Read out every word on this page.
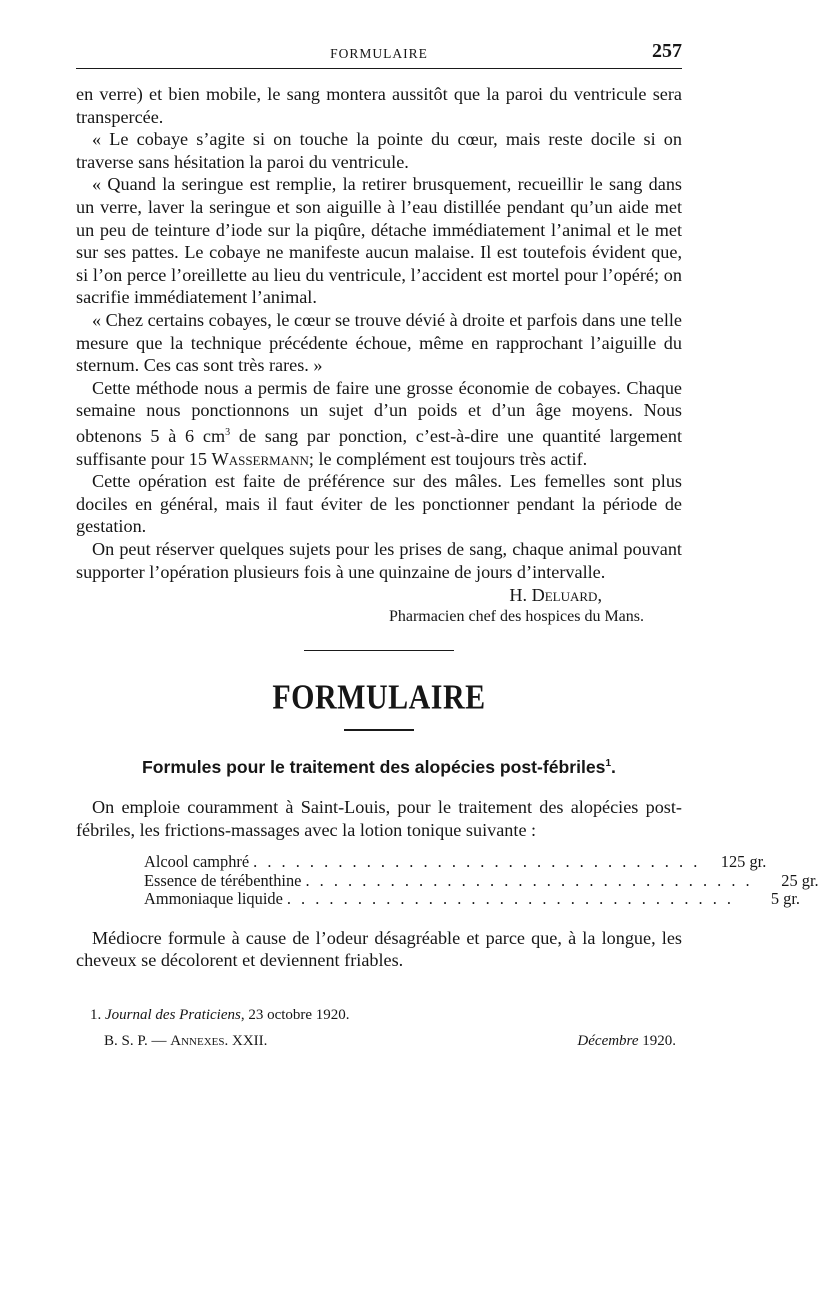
FORMULAIRE	257

en verre) et bien mobile, le sang montera aussitôt que la paroi du ventricule sera transpercée.

« Le cobaye s’agite si on touche la pointe du cœur, mais reste docile si on traverse sans hésitation la paroi du ventricule.

« Quand la seringue est remplie, la retirer brusquement, recueillir le sang dans un verre, laver la seringue et son aiguille à l’eau distillée pendant qu’un aide met un peu de teinture d’iode sur la piqûre, détache immédiatement l’animal et le met sur ses pattes. Le cobaye ne manifeste aucun malaise. Il est toutefois évident que, si l’on perce l’oreillette au lieu du ventricule, l’accident est mortel pour l’opéré; on sacrifie immédiatement l’animal.

« Chez certains cobayes, le cœur se trouve dévié à droite et parfois dans une telle mesure que la technique précédente échoue, même en rapprochant l’aiguille du sternum. Ces cas sont très rares. »

Cette méthode nous a permis de faire une grosse économie de cobayes. Chaque semaine nous ponctionnons un sujet d’un poids et d’un âge moyens. Nous obtenons 5 à 6 $cm^3$ de sang par ponction, c’est-à-dire une quantité largement suffisante pour 15 Wassermann; le complément est toujours très actif.

Cette opération est faite de préférence sur des mâles. Les femelles sont plus dociles en général, mais il faut éviter de les ponctionner pendant la période de gestation.

On peut réserver quelques sujets pour les prises de sang, chaque animal pouvant supporter l’opération plusieurs fois à une quinzaine de jours d’intervalle.

H. Deluard,
Pharmacien chef des hospices du Mans.
FORMULAIRE
Formules pour le traitement des alopécies post-fébriles$^1$.

On emploie couramment à Saint-Louis, pour le traitement des alopécies post-fébriles, les frictions-massages avec la lotion tonique suivante :

Alcool camphré . . . . . . . . . . . . . . . . . . . . . . . . . . . . . . . .	125 gr.
Essence de térébenthine . . . . . . . . . . . . . . . . . . . . . . . . . . . . . . . .	25 gr.
Ammoniaque liquide . . . . . . . . . . . . . . . . . . . . . . . . . . . . . . . .	5 gr.

Médiocre formule à cause de l’odeur désagréable et parce que, à la longue, les cheveux se décolorent et deviennent friables.

1. Journal des Praticiens, 23 octobre 1920.
B. S. P. — Annexes. XXII.	Décembre 1920.
